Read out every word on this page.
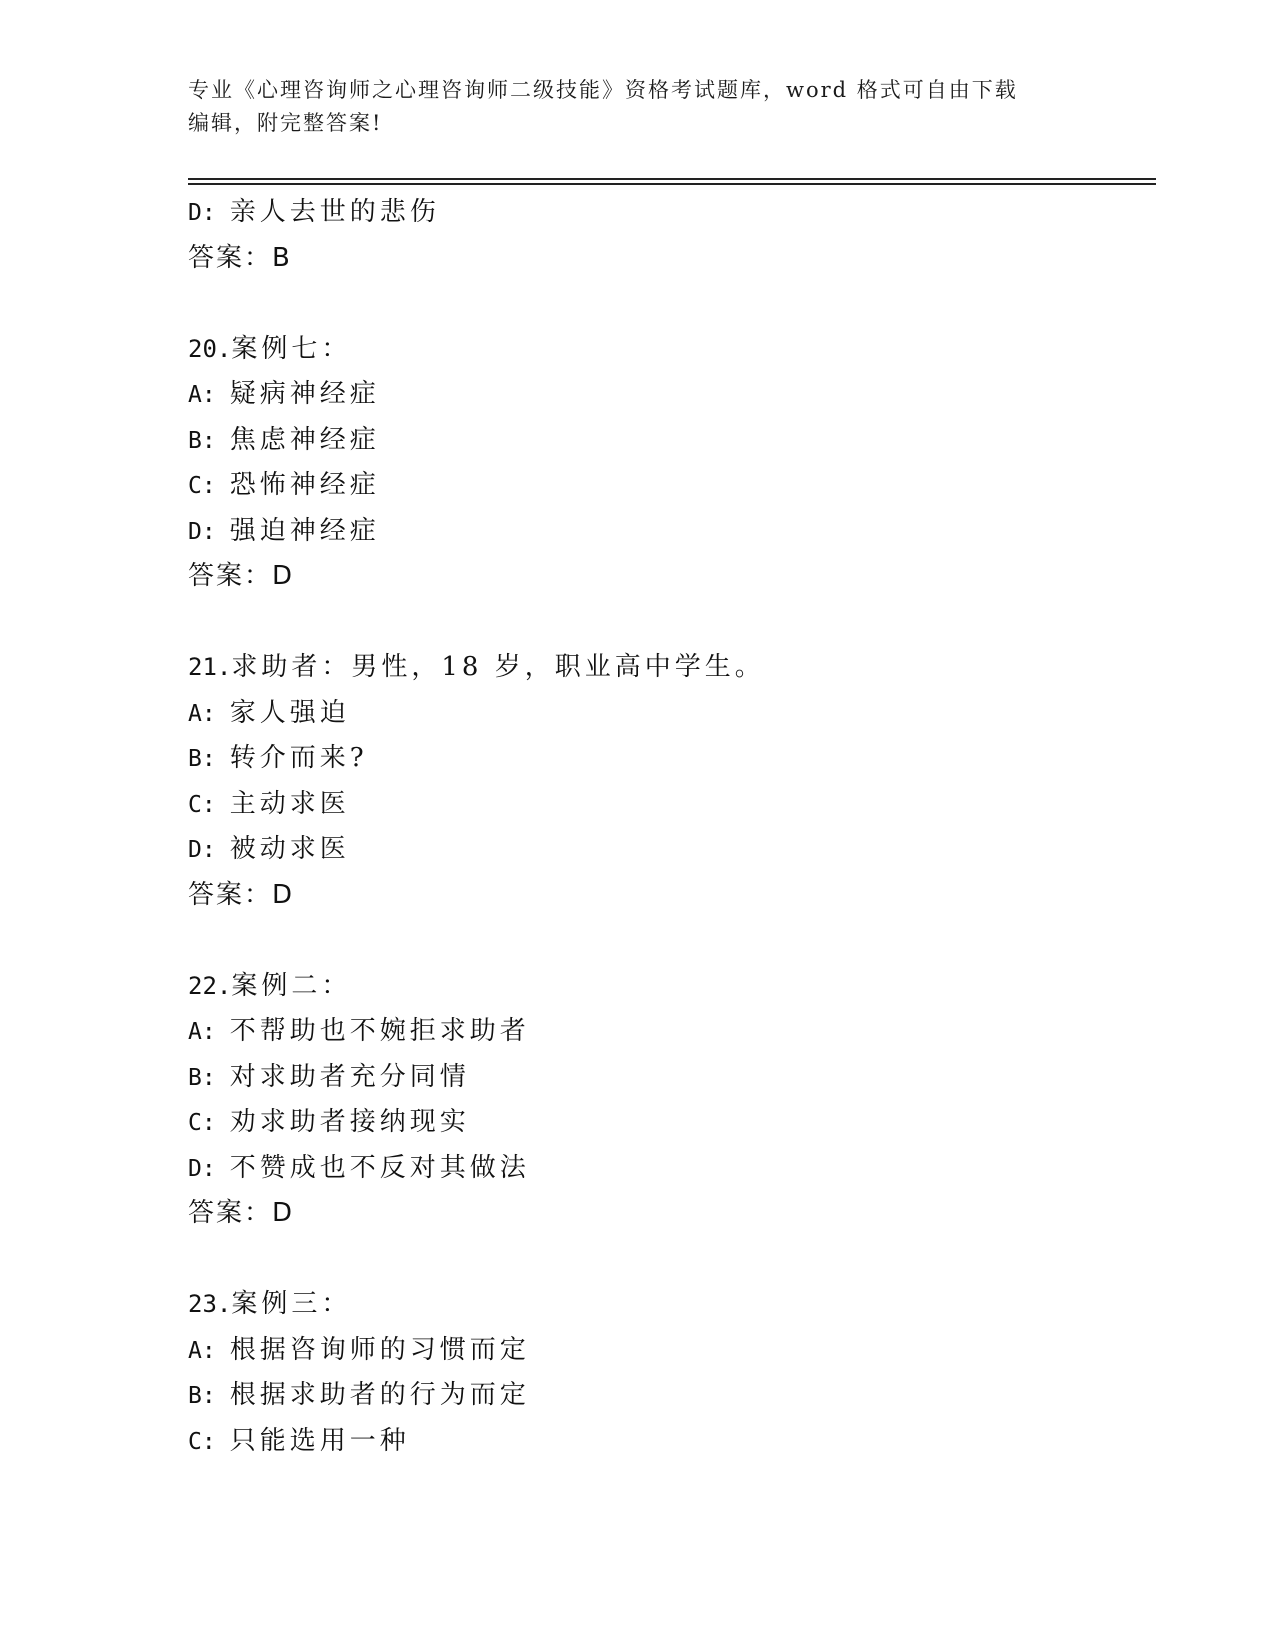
专业《心理咨询师之心理咨询师二级技能》资格考试题库，word 格式可自由下载
编辑，附完整答案!
D: 亲人去世的悲伤
答案：B
20.案例七：
A: 疑病神经症
B: 焦虑神经症
C: 恐怖神经症
D: 强迫神经症
答案：D
21.求助者：男性，18 岁，职业高中学生。
A: 家人强迫
B: 转介而来?
C: 主动求医
D: 被动求医
答案：D
22.案例二：
A: 不帮助也不婉拒求助者
B: 对求助者充分同情
C: 劝求助者接纳现实
D: 不赞成也不反对其做法
答案：D
23.案例三：
A: 根据咨询师的习惯而定
B: 根据求助者的行为而定
C: 只能选用一种
